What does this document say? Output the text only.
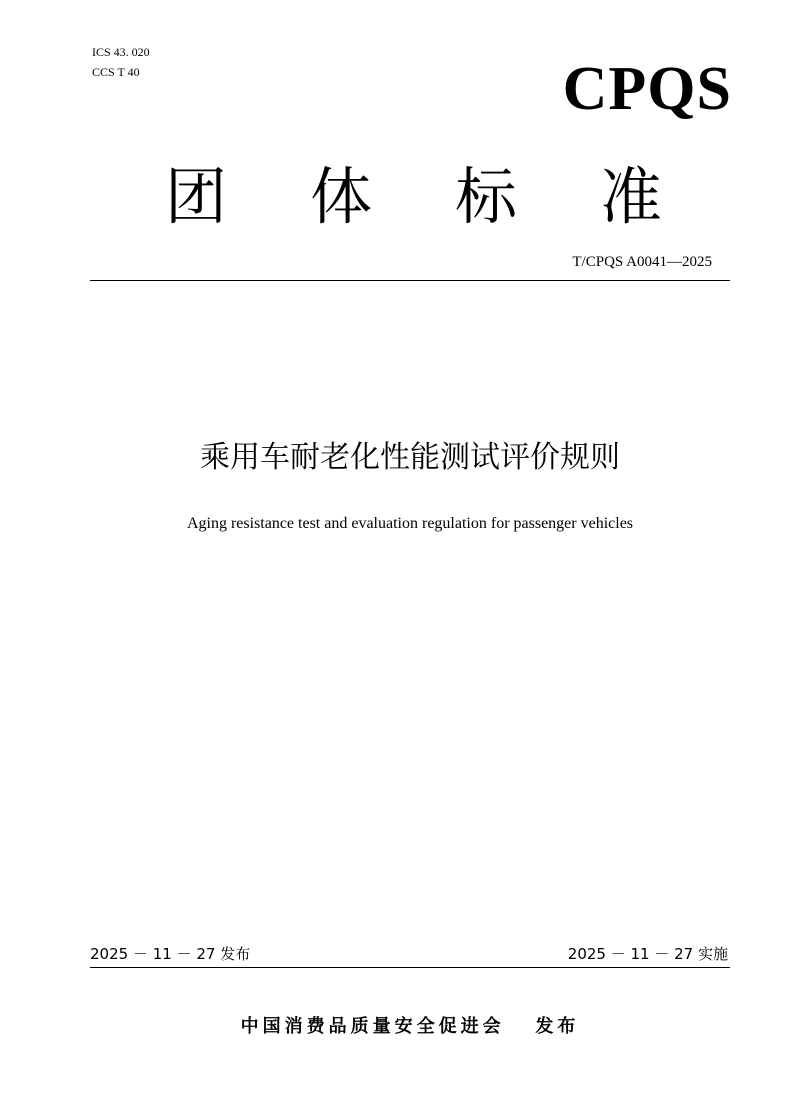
ICS 43. 020
CCS T 40	CPQS
团 体 标 准
T/CPQS A0041—2025
乘用车耐老化性能测试评价规则
Aging resistance test and evaluation regulation for passenger vehicles
2025 － 11 － 27 发布	2025 － 11 － 27 实施
中国消费品质量安全促进会   发布
